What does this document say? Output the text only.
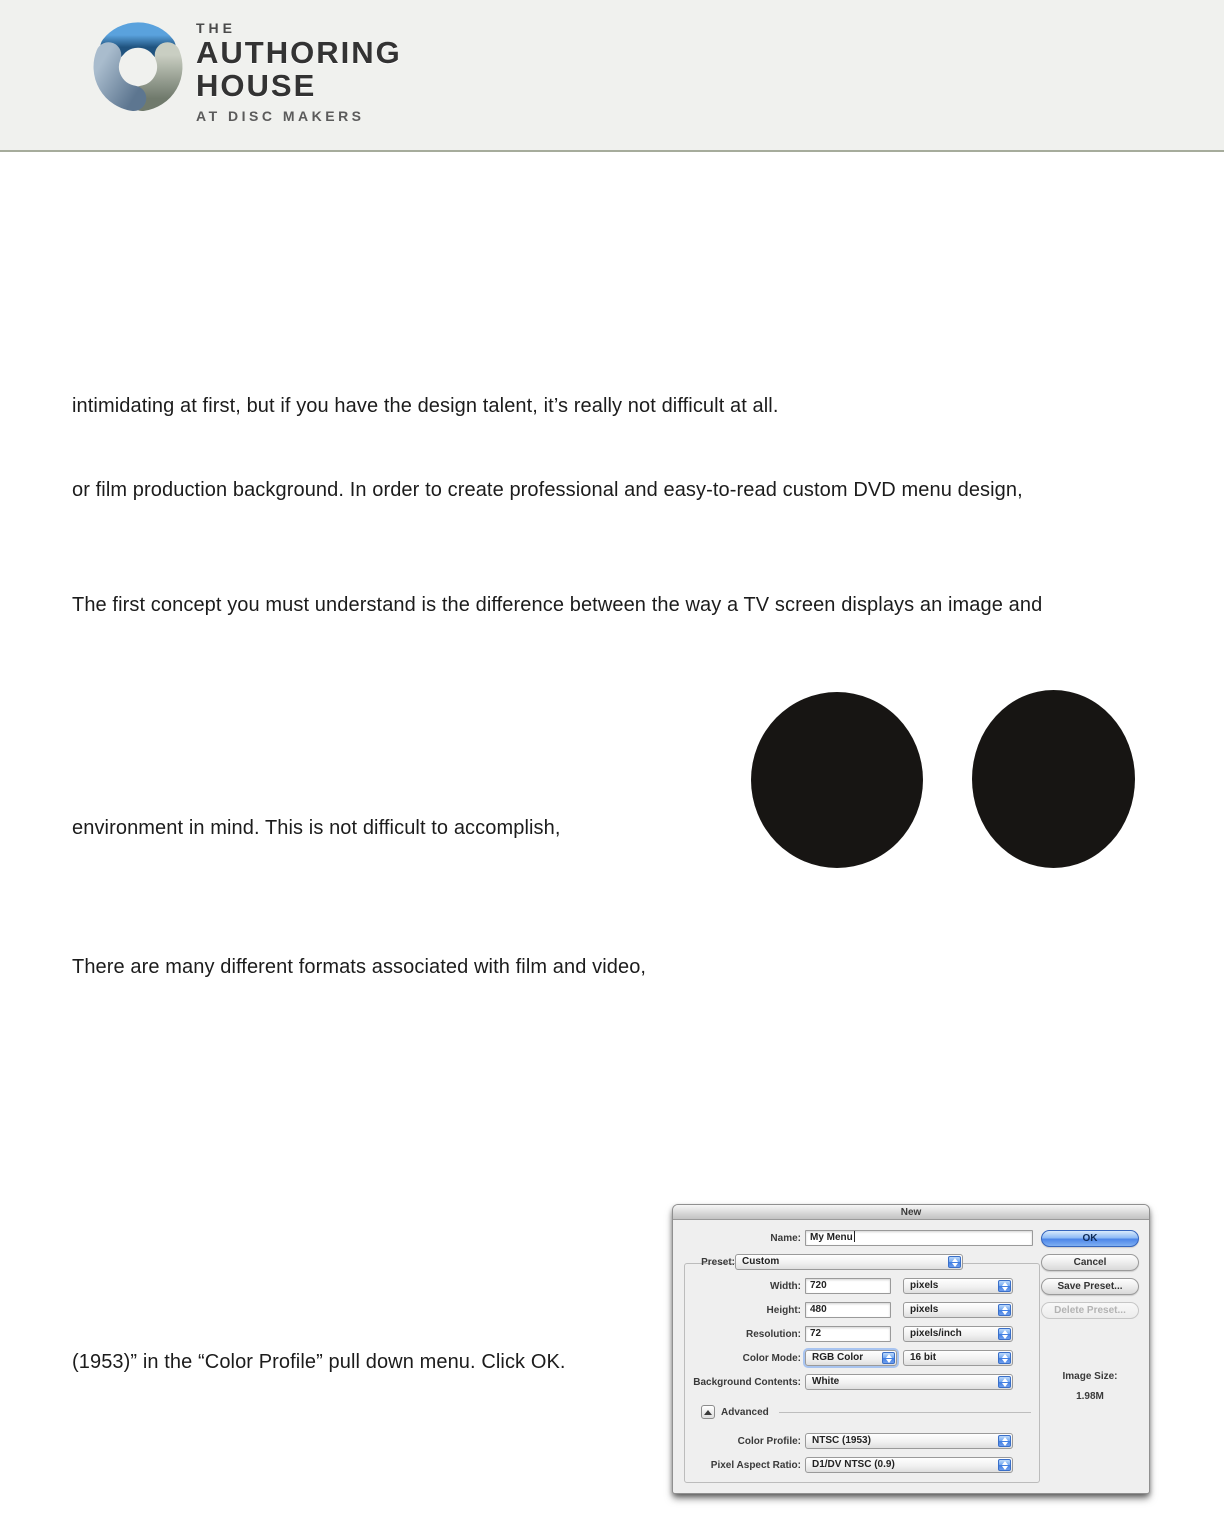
THE
AUTHORING
HOUSE
AT DISC MAKERS
intimidating at first, but if you have the design talent, it’s really not difficult at all.
or film production background. In order to create professional and easy-to-read custom DVD menu design,
The first concept you must understand is the difference between the way a TV screen displays an image and
environment in mind. This is not difficult to accomplish,
There are many different formats associated with film and video,
(1953)” in the “Color Profile” pull down menu. Click OK.
New
Name: My Menu
Preset: Custom
Width: 720	pixels
Height: 480	pixels
Resolution: 72	pixels/inch
Color Mode:	RGB Color	16 bit
Background Contents:	White
Advanced
Color Profile:	NTSC (1953)
Pixel Aspect Ratio:	D1/DV NTSC (0.9)
OK
Cancel
Save Preset...
Delete Preset...
Image Size:
1.98M
